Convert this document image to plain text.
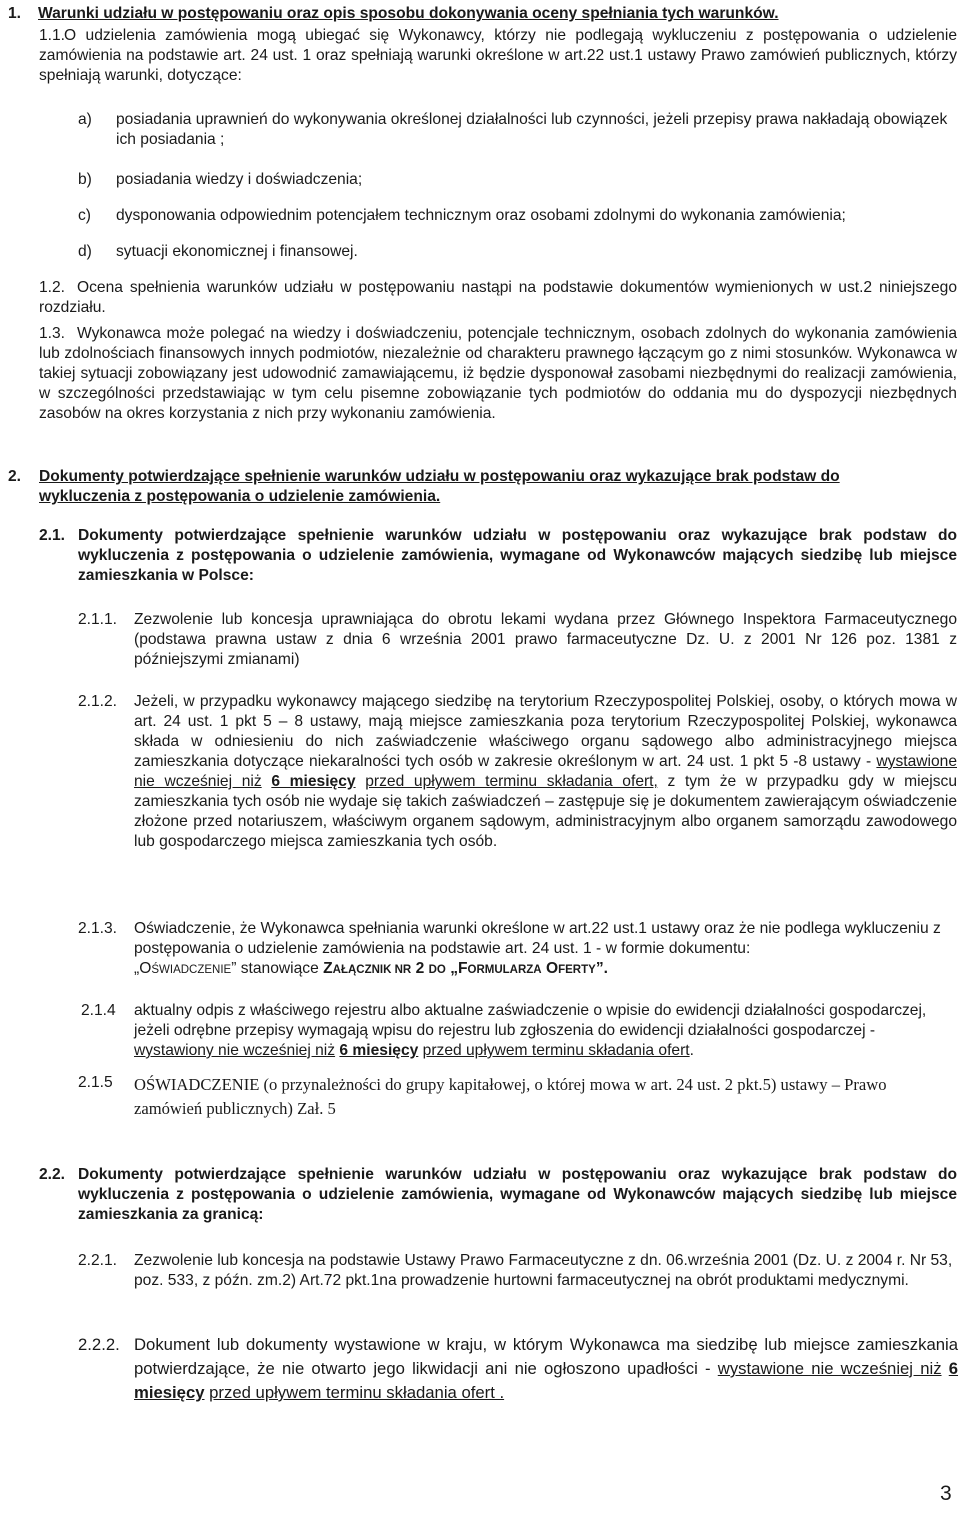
1. Warunki udziału w postępowaniu oraz opis sposobu dokonywania oceny spełniania tych warunków.
1.1.

O udzielenia zamówienia mogą ubiegać się Wykonawcy, którzy nie podlegają wykluczeniu z postępowania o udzielenie zamówienia na podstawie art. 24 ust. 1 oraz spełniają warunki określone w art.22 ust.1 ustawy Prawo zamówień publicznych, którzy spełniają warunki, dotyczące:

a) posiadania uprawnień do wykonywania określonej działalności lub czynności, jeżeli przepisy prawa nakładają obowiązek ich posiadania ;

b) posiadania wiedzy i doświadczenia;

c) dysponowania odpowiednim potencjałem technicznym oraz osobami zdolnymi do wykonania zamówienia;

d) sytuacji ekonomicznej i finansowej.

1.2. Ocena spełnienia warunków udziału w postępowaniu nastąpi na podstawie dokumentów wymienionych w ust.2 niniejszego rozdziału.

1.3. Wykonawca może polegać na wiedzy i doświadczeniu, potencjale technicznym, osobach zdolnych do wykonania zamówienia lub zdolnościach finansowych innych podmiotów, niezależnie od charakteru prawnego łączącym go z nimi stosunków. Wykonawca w takiej sytuacji zobowiązany jest udowodnić zamawiającemu, iż będzie dysponował zasobami niezbędnymi do realizacji zamówienia, w szczególności przedstawiając w tym celu pisemne zobowiązanie tych podmiotów do oddania mu do dyspozycji niezbędnych zasobów na okres korzystania z nich przy wykonaniu zamówienia.

2. Dokumenty potwierdzające spełnienie warunków udziału w postępowaniu oraz wykazujące brak podstaw do wykluczenia z postępowania o udzielenie zamówienia.

2.1. Dokumenty potwierdzające spełnienie warunków udziału w postępowaniu oraz wykazujące brak podstaw do wykluczenia z postępowania o udzielenie zamówienia, wymagane od Wykonawców mających siedzibę lub miejsce zamieszkania w Polsce:

2.1.1. Zezwolenie lub koncesja uprawniająca do obrotu lekami wydana przez Głównego Inspektora Farmaceutycznego (podstawa prawna ustaw z dnia 6 września 2001 prawo farmaceutyczne Dz. U. z 2001 Nr 126 poz. 1381 z późniejszymi zmianami)

2.1.2. Jeżeli, w przypadku wykonawcy mającego siedzibę na terytorium Rzeczypospolitej Polskiej, osoby, o których mowa w art. 24 ust. 1 pkt 5 – 8 ustawy, mają miejsce zamieszkania poza terytorium Rzeczypospolitej Polskiej, wykonawca składa w odniesieniu do nich zaświadczenie właściwego organu sądowego albo administracyjnego miejsca zamieszkania dotyczące niekaralności tych osób w zakresie określonym w art. 24 ust. 1 pkt 5 -8 ustawy - wystawione nie wcześniej niż 6 miesięcy przed upływem terminu składania ofert, z tym że w przypadku gdy w miejscu zamieszkania tych osób nie wydaje się takich zaświadczeń – zastępuje się je dokumentem zawierającym oświadczenie złożone przed notariuszem, właściwym organem sądowym, administracyjnym albo organem samorządu zawodowego lub gospodarczego miejsca zamieszkania tych osób.

2.1.3. Oświadczenie, że Wykonawca spełniania warunki określone w art.22 ust.1 ustawy oraz że nie podlega wykluczeniu z postępowania o udzielenie zamówienia na podstawie art. 24 ust. 1 - w formie dokumentu:
„OŚWIADCZENIE” stanowiące ZAŁĄCZNIK NR 2 DO „FORMULARZA OFERTY”.

2.1.4 aktualny odpis z właściwego rejestru albo aktualne zaświadczenie o wpisie do ewidencji działalności gospodarczej, jeżeli odrębne przepisy wymagają wpisu do rejestru lub zgłoszenia do ewidencji działalności gospodarczej - wystawiony nie wcześniej niż 6 miesięcy przed upływem terminu składania ofert.

2.1.5 OŚWIADCZENIE (o przynależności do grupy kapitałowej, o której mowa w art. 24 ust. 2 pkt.5) ustawy – Prawo zamówień publicznych) Zał. 5

2.2. Dokumenty potwierdzające spełnienie warunków udziału w postępowaniu oraz wykazujące brak podstaw do wykluczenia z postępowania o udzielenie zamówienia, wymagane od Wykonawców mających siedzibę lub miejsce zamieszkania za granicą:

2.2.1. Zezwolenie lub koncesja na podstawie Ustawy Prawo Farmaceutyczne z dn. 06.września 2001 (Dz. U. z 2004 r. Nr 53, poz. 533, z późn. zm.2) Art.72 pkt.1na prowadzenie hurtowni farmaceutycznej na obrót produktami medycznymi.

2.2.2. Dokument lub dokumenty wystawione w kraju, w którym Wykonawca ma siedzibę lub miejsce zamieszkania potwierdzające, że nie otwarto jego likwidacji ani nie ogłoszono upadłości - wystawione nie wcześniej niż 6 miesięcy przed upływem terminu składania ofert .

3
